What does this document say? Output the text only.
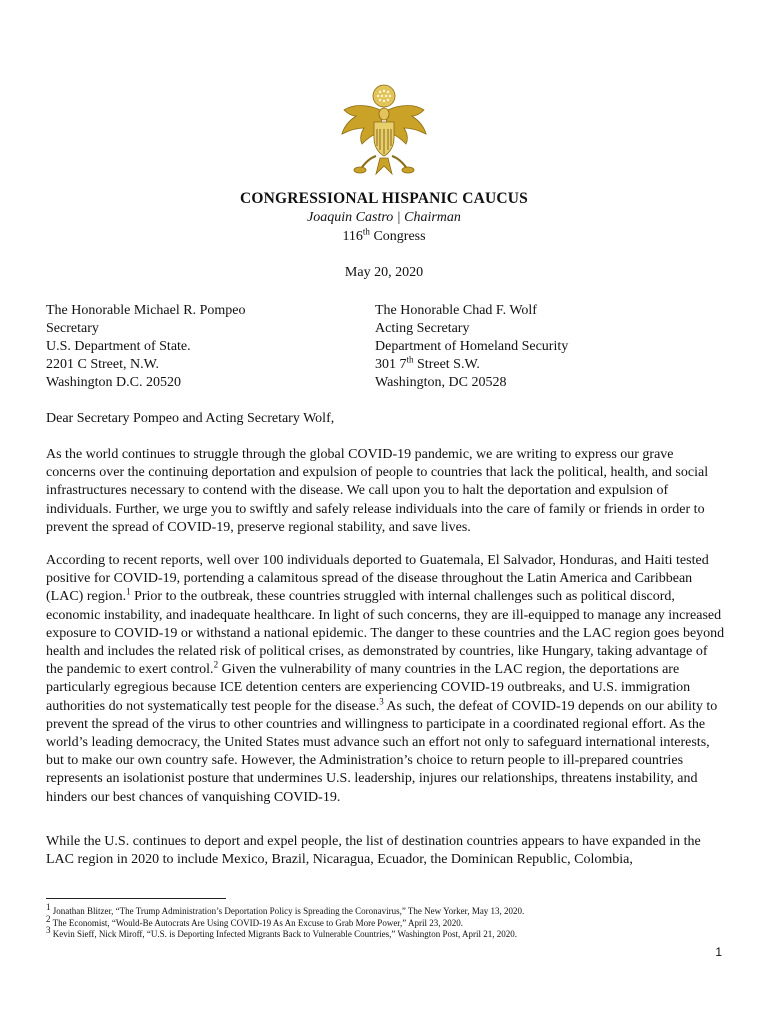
CONGRESSIONAL HISPANIC CAUCUS
Joaquin Castro | Chairman
116th Congress
May 20, 2020
The Honorable Michael R. Pompeo
Secretary
U.S. Department of State.
2201 C Street, N.W.
Washington D.C. 20520
The Honorable Chad F. Wolf
Acting Secretary
Department of Homeland Security
301 7th Street S.W.
Washington, DC 20528
Dear Secretary Pompeo and Acting Secretary Wolf,

As the world continues to struggle through the global COVID-19 pandemic, we are writing to express our grave concerns over the continuing deportation and expulsion of people to countries that lack the political, health, and social infrastructures necessary to contend with the disease. We call upon you to halt the deportation and expulsion of individuals. Further, we urge you to swiftly and safely release individuals into the care of family or friends in order to prevent the spread of COVID-19, preserve regional stability, and save lives.

According to recent reports, well over 100 individuals deported to Guatemala, El Salvador, Honduras, and Haiti tested positive for COVID-19, portending a calamitous spread of the disease throughout the Latin America and Caribbean (LAC) region.$^1$ Prior to the outbreak, these countries struggled with internal challenges such as political discord, economic instability, and inadequate healthcare. In light of such concerns, they are ill-equipped to manage any increased exposure to COVID-19 or withstand a national epidemic. The danger to these countries and the LAC region goes beyond health and includes the related risk of political crises, as demonstrated by countries, like Hungary, taking advantage of the pandemic to exert control.$^2$ Given the vulnerability of many countries in the LAC region, the deportations are particularly egregious because ICE detention centers are experiencing COVID-19 outbreaks, and U.S. immigration authorities do not systematically test people for the disease.$^3$ As such, the defeat of COVID-19 depends on our ability to prevent the spread of the virus to other countries and willingness to participate in a coordinated regional effort. As the world’s leading democracy, the United States must advance such an effort not only to safeguard international interests, but to make our own country safe. However, the Administration’s choice to return people to ill-prepared countries represents an isolationist posture that undermines U.S. leadership, injures our relationships, threatens instability, and hinders our best chances of vanquishing COVID-19.

While the U.S. continues to deport and expel people, the list of destination countries appears to have expanded in the LAC region in 2020 to include Mexico, Brazil, Nicaragua, Ecuador, the Dominican Republic, Colombia,

$^1$ Jonathan Blitzer, “The Trump Administration’s Deportation Policy is Spreading the Coronavirus,” The New Yorker, May 13, 2020.
$^2$ The Economist, “Would-Be Autocrats Are Using COVID-19 As An Excuse to Grab More Power,” April 23, 2020.
$^3$ Kevin Sieff, Nick Miroff, “U.S. is Deporting Infected Migrants Back to Vulnerable Countries,” Washington Post, April 21, 2020.
1
